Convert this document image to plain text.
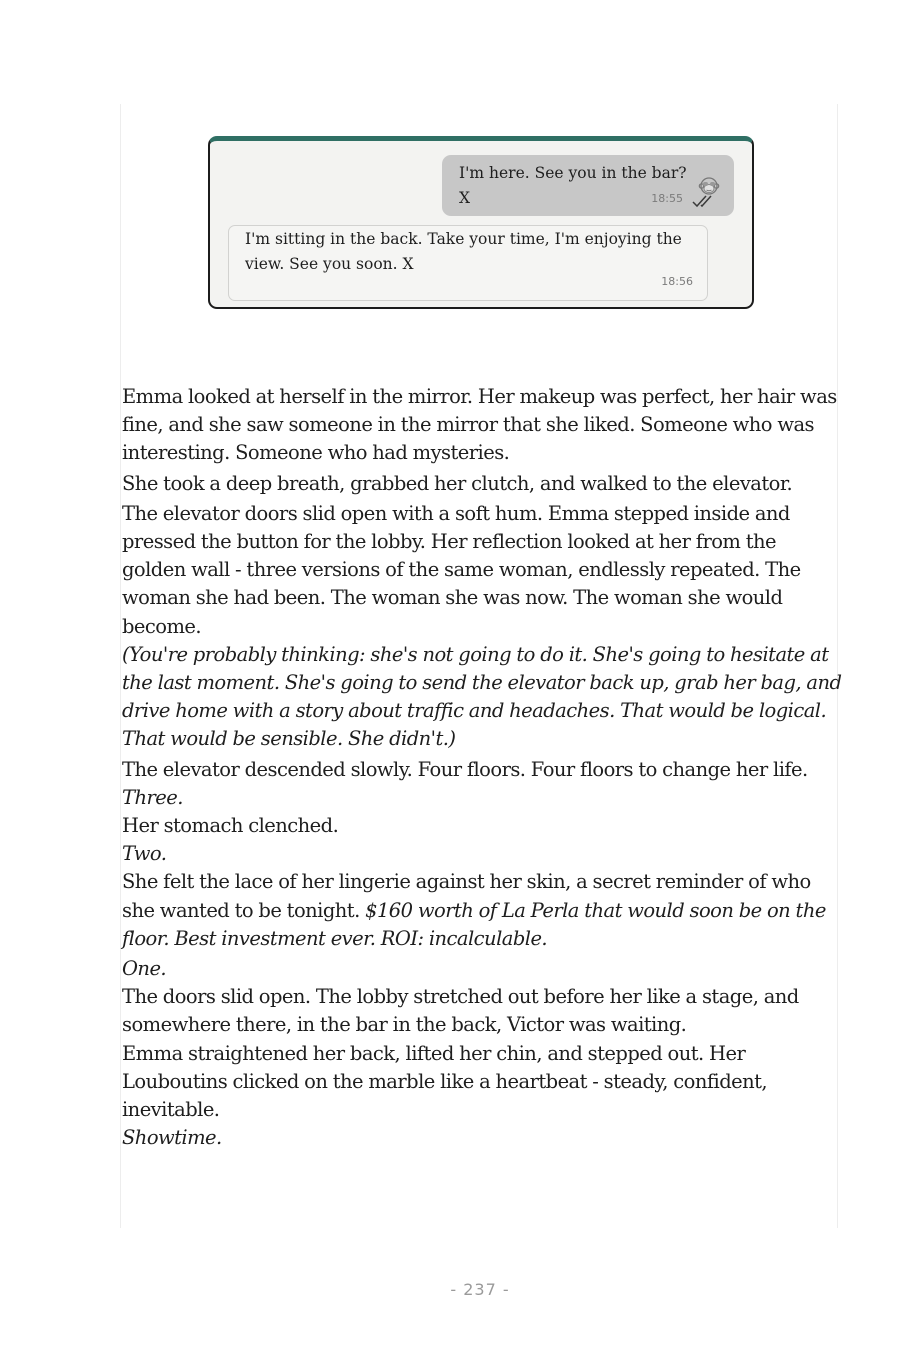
I'm here. See you in the bar? X	18:55
I'm sitting in the back. Take your time, I'm enjoying the view. See you soon. X
18:56

Emma looked at herself in the mirror. Her makeup was perfect, her hair was fine, and she saw someone in the mirror that she liked. Someone who was interesting. Someone who had mysteries.

She took a deep breath, grabbed her clutch, and walked to the elevator.

The elevator doors slid open with a soft hum. Emma stepped inside and pressed the button for the lobby. Her reflection looked at her from the golden wall - three versions of the same woman, endlessly repeated. The woman she had been. The woman she was now. The woman she would become.

(You're probably thinking: she's not going to do it. She's going to hesitate at the last moment. She's going to send the elevator back up, grab her bag, and drive home with a story about traffic and headaches. That would be logical. That would be sensible. She didn't.)

The elevator descended slowly. Four floors. Four floors to change her life.

Three.

Her stomach clenched.

Two.

She felt the lace of her lingerie against her skin, a secret reminder of who she wanted to be tonight. $160 worth of La Perla that would soon be on the floor. Best investment ever. ROI: incalculable.

One.

The doors slid open. The lobby stretched out before her like a stage, and somewhere there, in the bar in the back, Victor was waiting.

Emma straightened her back, lifted her chin, and stepped out. Her Louboutins clicked on the marble like a heartbeat - steady, confident, inevitable.

Showtime.

- 237 -
